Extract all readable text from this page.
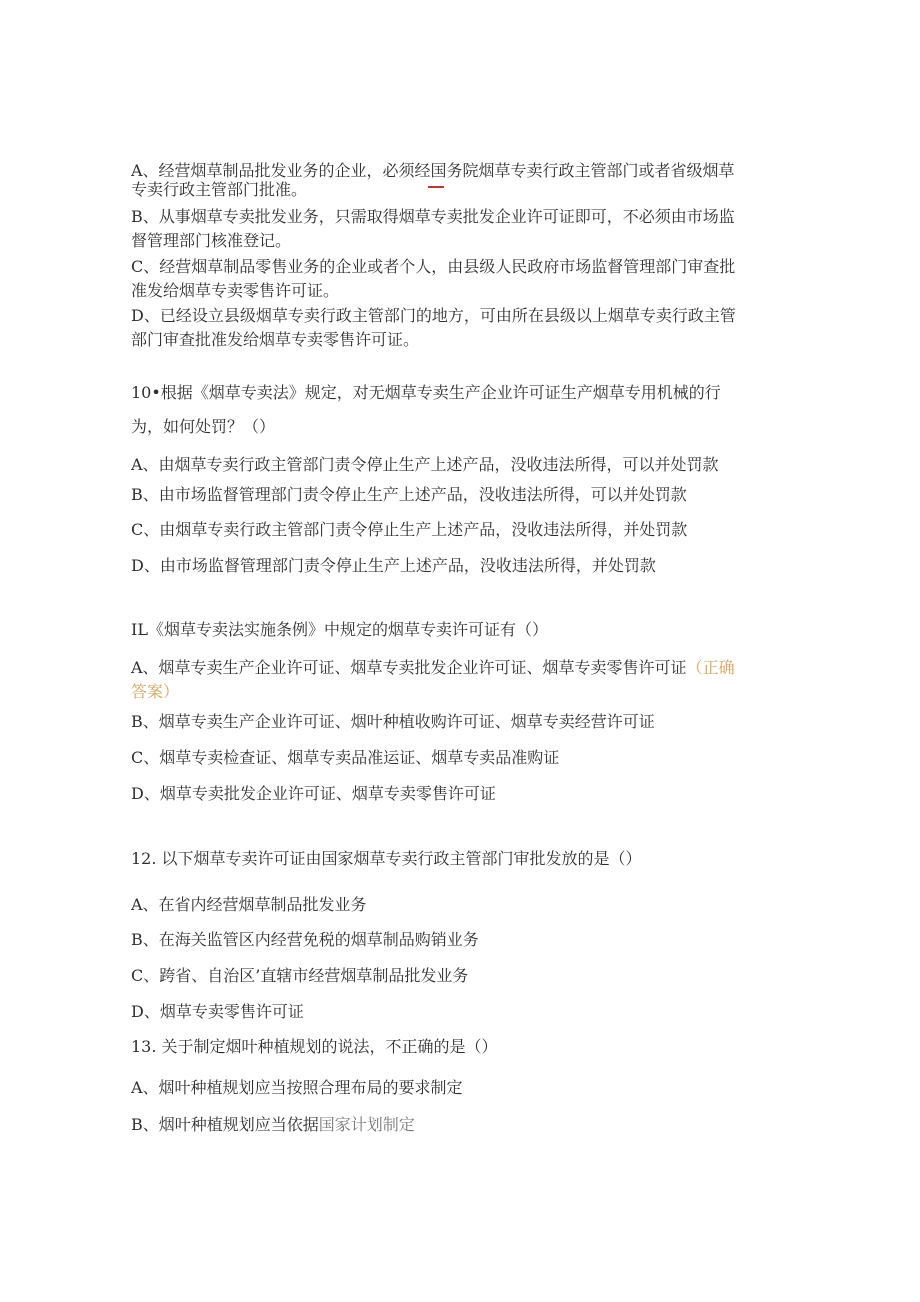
A、经营烟草制品批发业务的企业，必须经国务院烟草专卖行政主管部门或者省级烟草

专卖行政主管部门批准。

B、从事烟草专卖批发业务，只需取得烟草专卖批发企业许可证即可，不必须由市场监

督管理部门核准登记。

C、经营烟草制品零售业务的企业或者个人，由县级人民政府市场监督管理部门审查批

准发给烟草专卖零售许可证。

D、已经设立县级烟草专卖行政主管部门的地方，可由所在县级以上烟草专卖行政主管

部门审查批准发给烟草专卖零售许可证。

10•根据《烟草专卖法》规定，对无烟草专卖生产企业许可证生产烟草专用机械的行

为，如何处罚？（）

A、由烟草专卖行政主管部门责令停止生产上述产品，没收违法所得，可以并处罚款

B、由市场监督管理部门责令停止生产上述产品，没收违法所得，可以并处罚款

C、由烟草专卖行政主管部门责令停止生产上述产品，没收违法所得，并处罚款

D、由市场监督管理部门责令停止生产上述产品，没收违法所得，并处罚款

IL《烟草专卖法实施条例》中规定的烟草专卖许可证有（）

A、烟草专卖生产企业许可证、烟草专卖批发企业许可证、烟草专卖零售许可证（正确

答案）

B、烟草专卖生产企业许可证、烟叶种植收购许可证、烟草专卖经营许可证

C、烟草专卖检查证、烟草专卖品准运证、烟草专卖品准购证

D、烟草专卖批发企业许可证、烟草专卖零售许可证

12. 以下烟草专卖许可证由国家烟草专卖行政主管部门审批发放的是（）

A、在省内经营烟草制品批发业务

B、在海关监管区内经营免税的烟草制品购销业务

C、跨省、自治区’直辖市经营烟草制品批发业务

D、烟草专卖零售许可证

13. 关于制定烟叶种植规划的说法，不正确的是（）

A、烟叶种植规划应当按照合理布局的要求制定

B、烟叶种植规划应当依据国家计划制定
